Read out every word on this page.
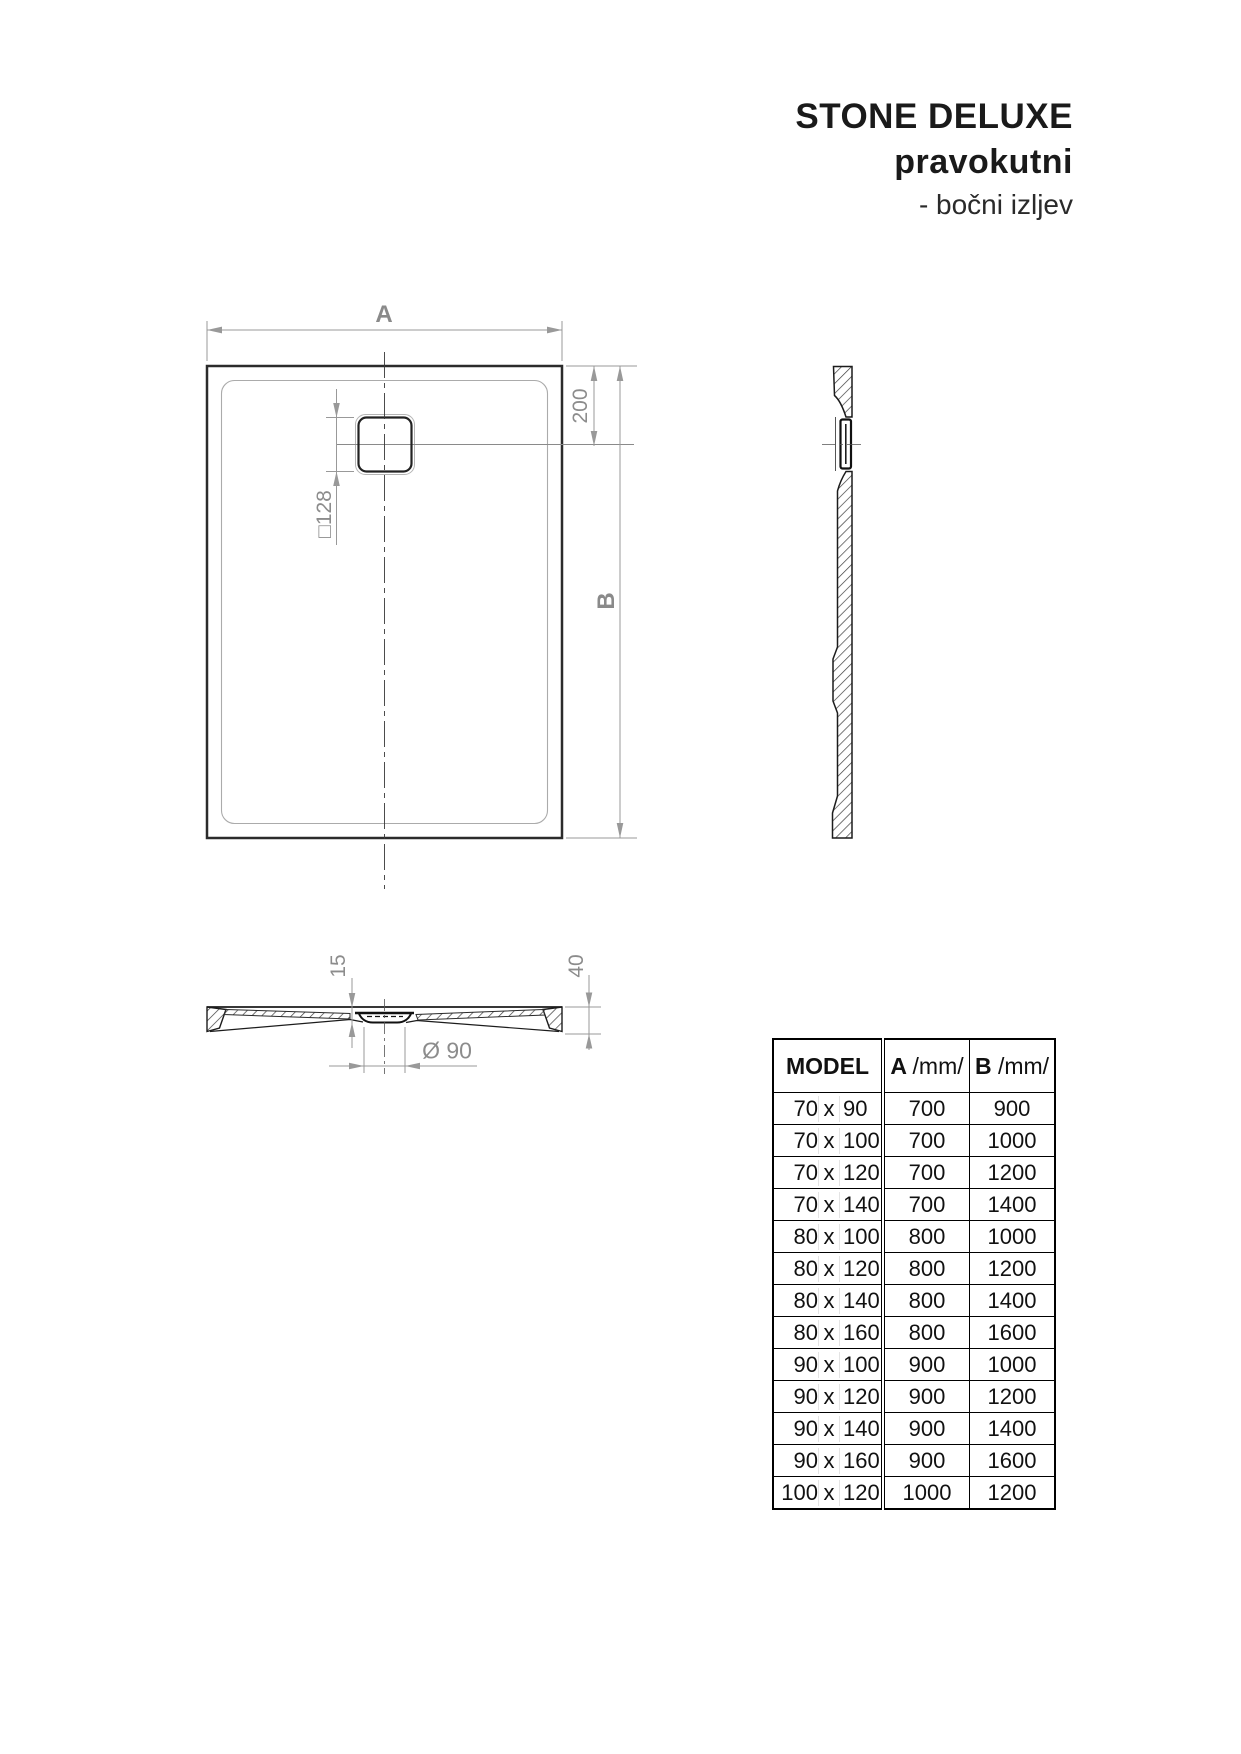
STONE DELUXE
pravokutni
- bočni izljev
A
200
B
□128
15	40
Ø 90
MODEL	A /mm/	B /mm/
70 x 90	700	900
70 x 100	700	1000
70 x 120	700	1200
70 x 140	700	1400
80 x 100	800	1000
80 x 120	800	1200
80 x 140	800	1400
80 x 160	800	1600
90 x 100	900	1000
90 x 120	900	1200
90 x 140	900	1400
90 x 160	900	1600
100 x 120	1000	1200
